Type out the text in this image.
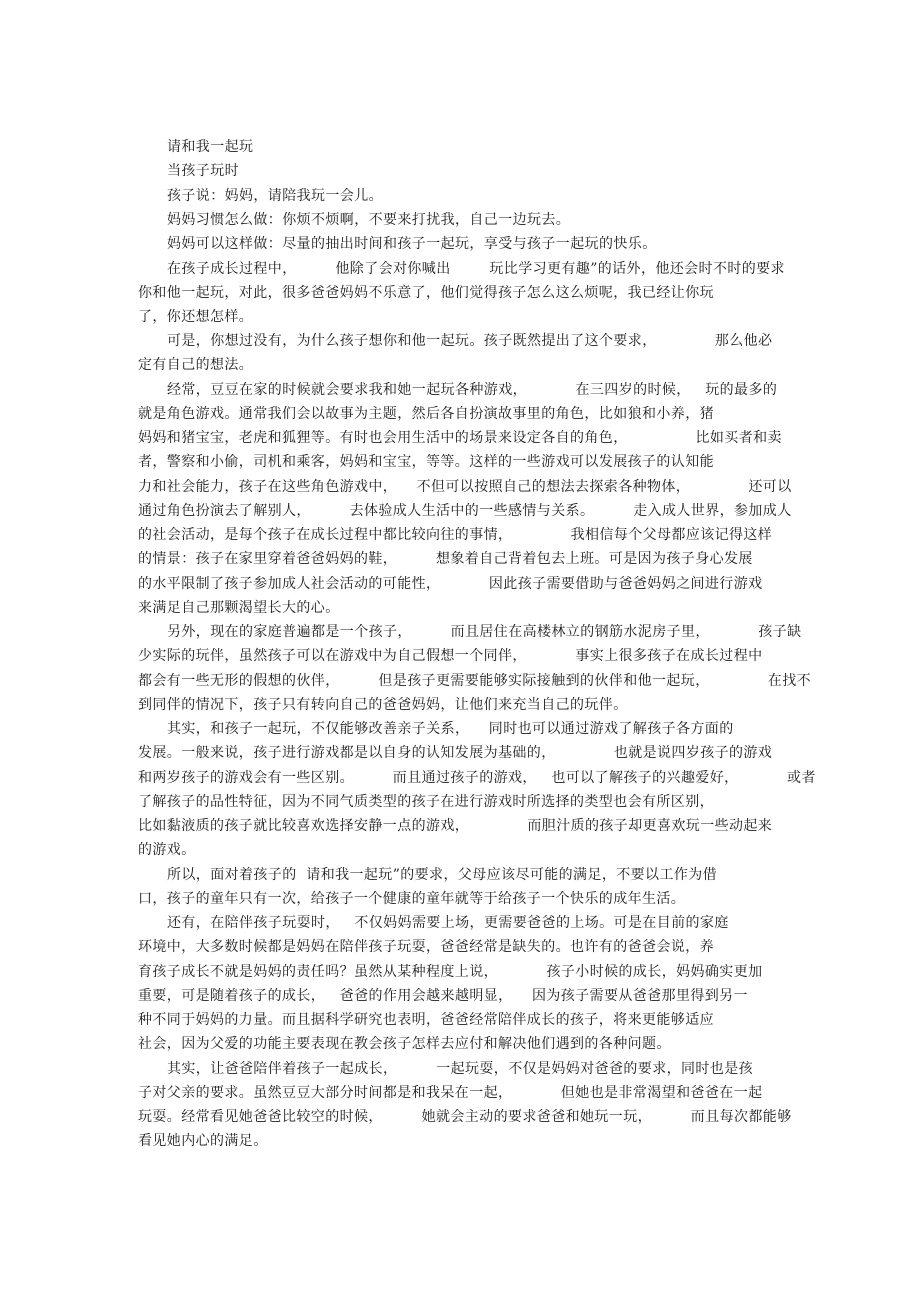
请和我一起玩
当孩子玩时
孩子说：妈妈，请陪我玩一会儿。
妈妈习惯怎么做：你烦不烦啊，不要来打扰我，自己一边玩去。
妈妈可以这样做：尽量的抽出时间和孩子一起玩，享受与孩子一起玩的快乐。
在孩子成长过程中，        他除了会对你喊出        玩比学习更有趣”的话外，他还会时不时的要求
你和他一起玩，对此，很多爸爸妈妈不乐意了，他们觉得孩子怎么这么烦呢，我已经让你玩
了，你还想怎样。
可是，你想过没有，为什么孩子想你和他一起玩。孩子既然提出了这个要求，            那么他必
定有自己的想法。
经常，豆豆在家的时候就会要求我和她一起玩各种游戏，          在三四岁的时候，   玩的最多的
就是角色游戏。通常我们会以故事为主题，然后各自扮演故事里的角色，比如狼和小养，猪
妈妈和猪宝宝，老虎和狐狸等。有时也会用生活中的场景来设定各自的角色，              比如买者和卖
者，警察和小偷，司机和乘客，妈妈和宝宝，等等。这样的一些游戏可以发展孩子的认知能
力和社会能力，孩子在这些角色游戏中，    不但可以按照自己的想法去探索各种物体，            还可以
通过角色扮演去了解别人，        去体验成人生活中的一些感情与关系。        走入成人世界，参加成人
的社会活动，是每个孩子在成长过程中都比较向往的事情，            我相信每个父母都应该记得这样
的情景：孩子在家里穿着爸爸妈妈的鞋，        想象着自己背着包去上班。可是因为孩子身心发展
的水平限制了孩子参加成人社会活动的可能性，          因此孩子需要借助与爸爸妈妈之间进行游戏
来满足自己那颗渴望长大的心。
另外，现在的家庭普遍都是一个孩子，        而且居住在高楼林立的钢筋水泥房子里，          孩子缺
少实际的玩伴，虽然孩子可以在游戏中为自己假想一个同伴，          事实上很多孩子在成长过程中
都会有一些无形的假想的伙伴，        但是孩子更需要能够实际接触到的伙伴和他一起玩，            在找不
到同伴的情况下，孩子只有转向自己的爸爸妈妈，让他们来充当自己的玩伴。
其实，和孩子一起玩，不仅能够改善亲子关系，    同时也可以通过游戏了解孩子各方面的
发展。一般来说，孩子进行游戏都是以自身的认知发展为基础的，            也就是说四岁孩子的游戏
和两岁孩子的游戏会有一些区别。        而且通过孩子的游戏，   也可以了解孩子的兴趣爱好，          或者
了解孩子的品性特征，因为不同气质类型的孩子在进行游戏时所选择的类型也会有所区别，
比如黏液质的孩子就比较喜欢选择安静一点的游戏，            而胆汁质的孩子却更喜欢玩一些动起来
的游戏。
所以，面对着孩子的  请和我一起玩”的要求，父母应该尽可能的满足，不要以工作为借
口，孩子的童年只有一次，给孩子一个健康的童年就等于给孩子一个快乐的成年生活。
还有，在陪伴孩子玩耍时，   不仅妈妈需要上场，更需要爸爸的上场。可是在目前的家庭
环境中，大多数时候都是妈妈在陪伴孩子玩耍，爸爸经常是缺失的。也许有的爸爸会说，养
育孩子成长不就是妈妈的责任吗？虽然从某种程度上说，          孩子小时候的成长，妈妈确实更加
重要，可是随着孩子的成长，   爸爸的作用会越来越明显，    因为孩子需要从爸爸那里得到另一
种不同于妈妈的力量。而且据科学研究也表明，爸爸经常陪伴成长的孩子，将来更能够适应
社会，因为父爱的功能主要表现在教会孩子怎样去应付和解决他们遇到的各种问题。
其实，让爸爸陪伴着孩子一起成长，        一起玩耍，不仅是妈妈对爸爸的要求，同时也是孩
子对父亲的要求。虽然豆豆大部分时间都是和我呆在一起，          但她也是非常渴望和爸爸在一起
玩耍。经常看见她爸爸比较空的时候，        她就会主动的要求爸爸和她玩一玩，        而且每次都能够
看见她内心的满足。
